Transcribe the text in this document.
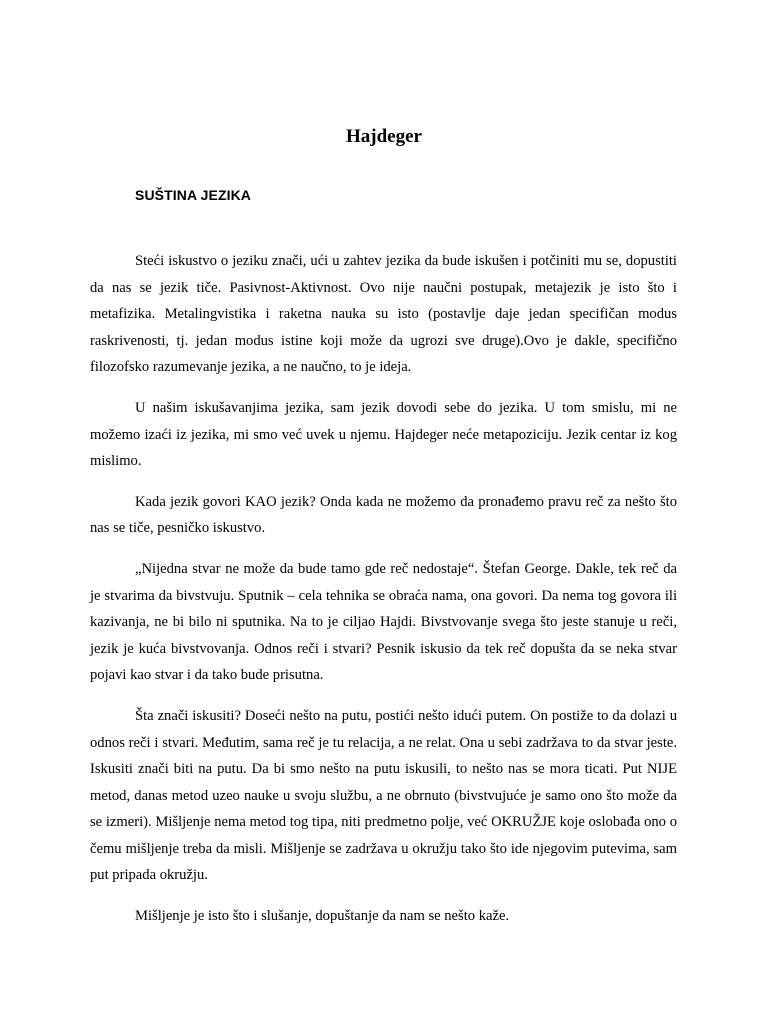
Hajdeger
SUŠTINA JEZIKA

Steći iskustvo o jeziku znači, ući u zahtev jezika da bude iskušen i potčiniti mu se, dopustiti da nas se jezik tiče. Pasivnost-Aktivnost. Ovo nije naučni postupak, metajezik je isto što i metafizika. Metalingvistika i raketna nauka su isto (postavlje daje jedan specifičan modus raskrivenosti, tj. jedan modus istine koji može da ugrozi sve druge).Ovo je dakle, specifično filozofsko razumevanje jezika, a ne naučno, to je ideja.

U našim iskušavanjima jezika, sam jezik dovodi sebe do jezika. U tom smislu, mi ne možemo izaći iz jezika, mi smo već uvek u njemu. Hajdeger neće metapoziciju. Jezik centar iz kog mislimo.

Kada jezik govori KAO jezik? Onda kada ne možemo da pronađemo pravu reč za nešto što nas se tiče, pesničko iskustvo.

„Nijedna stvar ne može da bude tamo gde reč nedostaje“. Štefan George. Dakle, tek reč da je stvarima da bivstvuju. Sputnik – cela tehnika se obraća nama, ona govori. Da nema tog govora ili kazivanja, ne bi bilo ni sputnika. Na to je ciljao Hajdi. Bivstvovanje svega što jeste stanuje u reči, jezik je kuća bivstvovanja. Odnos reči i stvari? Pesnik iskusio da tek reč dopušta da se neka stvar pojavi kao stvar i da tako bude prisutna.

Šta znači iskusiti? Doseći nešto na putu, postići nešto idući putem. On postiže to da dolazi u odnos reči i stvari. Međutim, sama reč je tu relacija, a ne relat. Ona u sebi zadržava to da stvar jeste. Iskusiti znači biti na putu. Da bi smo nešto na putu iskusili, to nešto nas se mora ticati. Put NIJE metod, danas metod uzeo nauke u svoju službu, a ne obrnuto (bivstvujuće je samo ono što može da se izmeri). Mišljenje nema metod tog tipa, niti predmetno polje, već OKRUŽJE koje oslobađa ono o čemu mišljenje treba da misli. Mišljenje se zadržava u okružju tako što ide njegovim putevima, sam put pripada okružju.

Mišljenje je isto što i slušanje, dopuštanje da nam se nešto kaže.
